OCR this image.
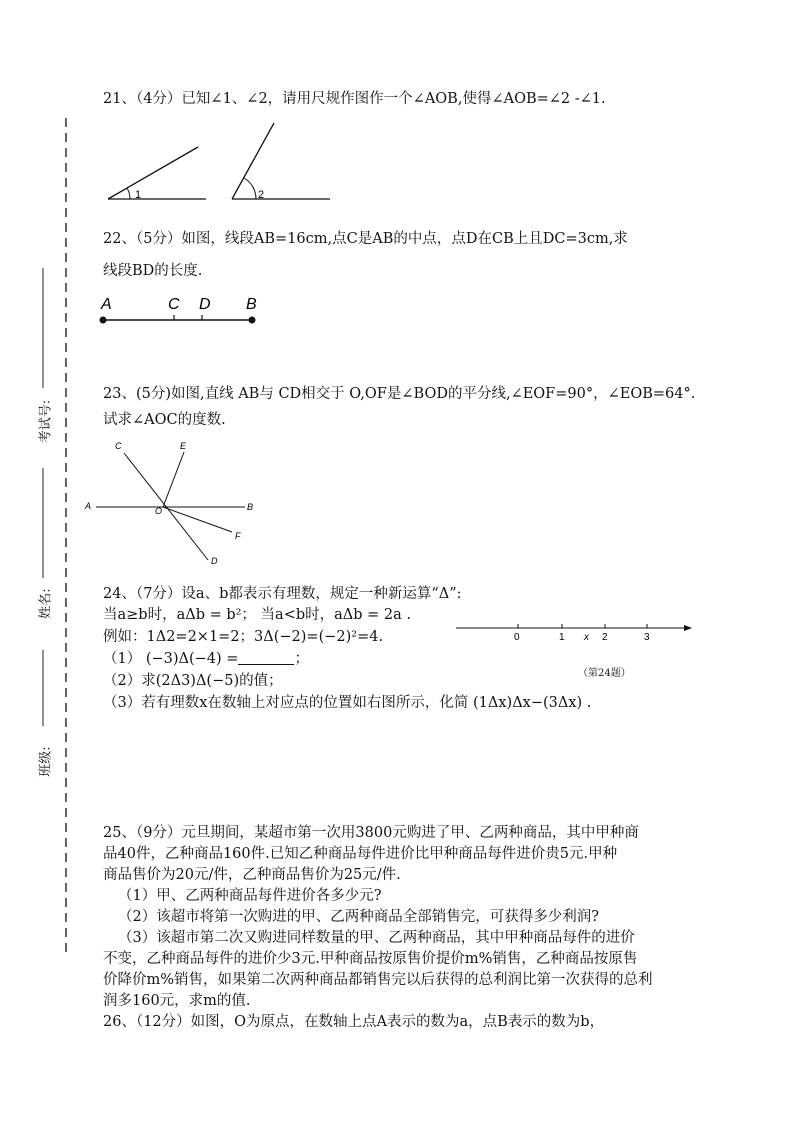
考试号:
姓名:
班级:
21、（4分）已知∠1、∠2，请用尺规作图作一个∠AOB,使得∠AOB=∠2 -∠1.
1	2
22、（5分）如图，线段AB=16cm,点C是AB的中点，点D在CB上且DC=3cm,求
线段BD的长度.
A	C D B
23、(5分)如图,直线 AB与 CD相交于 O,OF是∠BOD的平分线,∠EOF=90°，∠EOB=64°.
试求∠AOC的度数.
C	E
A	O	B
F
D
24、（7分）设a、b都表示有理数，规定一种新运算“Δ”:
当a≥b时，aΔb = b²； 当a<b时，aΔb = 2a .
例如：1Δ2=2×1=2；3Δ(−2)=(−2)²=4.
（1） (−3)Δ(−4) =	；
（2）求(2Δ3)Δ(−5)的值；
（3）若有理数x在数轴上对应点的位置如右图所示，化简 (1Δx)Δx−(3Δx) .
0	1 x 2	3
（第24题）
25、（9分）元旦期间，某超市第一次用3800元购进了甲、乙两种商品，其中甲种商
品40件，乙种商品160件.已知乙种商品每件进价比甲种商品每件进价贵5元.甲种
商品售价为20元/件，乙种商品售价为25元/件.
（1）甲、乙两种商品每件进价各多少元?
（2）该超市将第一次购进的甲、乙两种商品全部销售完，可获得多少利润?
（3）该超市第二次又购进同样数量的甲、乙两种商品，其中甲种商品每件的进价
不变，乙种商品每件的进价少3元.甲种商品按原售价提价m%销售，乙种商品按原售
价降价m%销售，如果第二次两种商品都销售完以后获得的总利润比第一次获得的总利
润多160元，求m的值.
26、（12分）如图，O为原点，在数轴上点A表示的数为a，点B表示的数为b，
